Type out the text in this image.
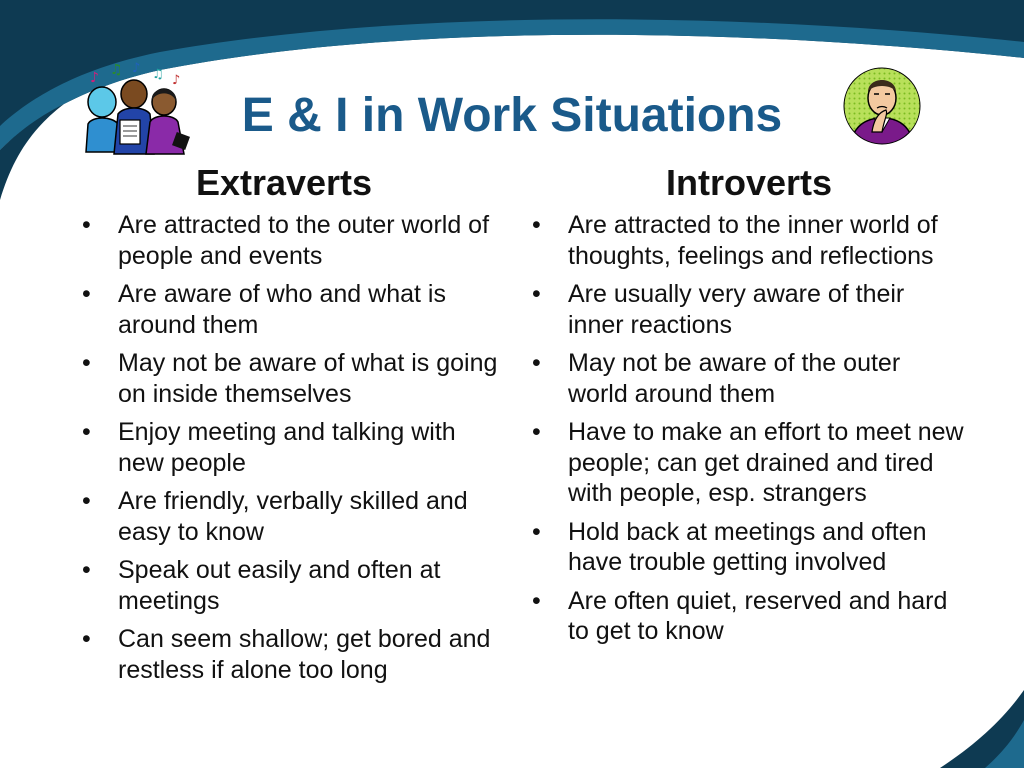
♪ ♫ ♪ ♫ ♪
E & I in Work Situations
Extraverts
• Are attracted to the outer world of people and events
• Are aware of who and what is around them
• May not be aware of what is going on inside themselves
• Enjoy meeting and talking with new people
• Are friendly, verbally skilled and easy to know
• Speak out easily and often at meetings
• Can seem shallow; get bored and restless if alone too long
Introverts
• Are attracted to the inner world of thoughts, feelings and reflections
• Are usually very aware of their inner reactions
• May not be aware of the outer world around them
• Have to make an effort to meet new people; can get drained and tired with people, esp. strangers
• Hold back at meetings and often have trouble getting involved
• Are often quiet, reserved and hard to get to know
